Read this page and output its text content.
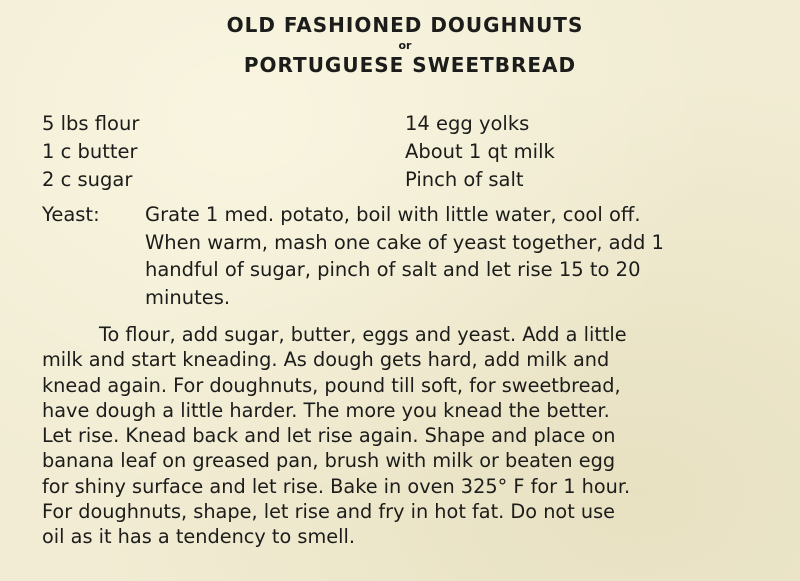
OLD FASHIONED DOUGHNUTS
or
PORTUGUESE SWEETBREAD
5 lbs flour
1 c butter
2 c sugar
14 egg yolks
About 1 qt milk
Pinch of salt
Yeast: Grate 1 med. potato, boil with little water, cool off.
When warm, mash one cake of yeast together, add 1
handful of sugar, pinch of salt and let rise 15 to 20
minutes.
To flour, add sugar, butter, eggs and yeast. Add a little
milk and start kneading. As dough gets hard, add milk and
knead again. For doughnuts, pound till soft, for sweetbread,
have dough a little harder. The more you knead the better.
Let rise. Knead back and let rise again. Shape and place on
banana leaf on greased pan, brush with milk or beaten egg
for shiny surface and let rise. Bake in oven 325° F for 1 hour.
For doughnuts, shape, let rise and fry in hot fat. Do not use
oil as it has a tendency to smell.
